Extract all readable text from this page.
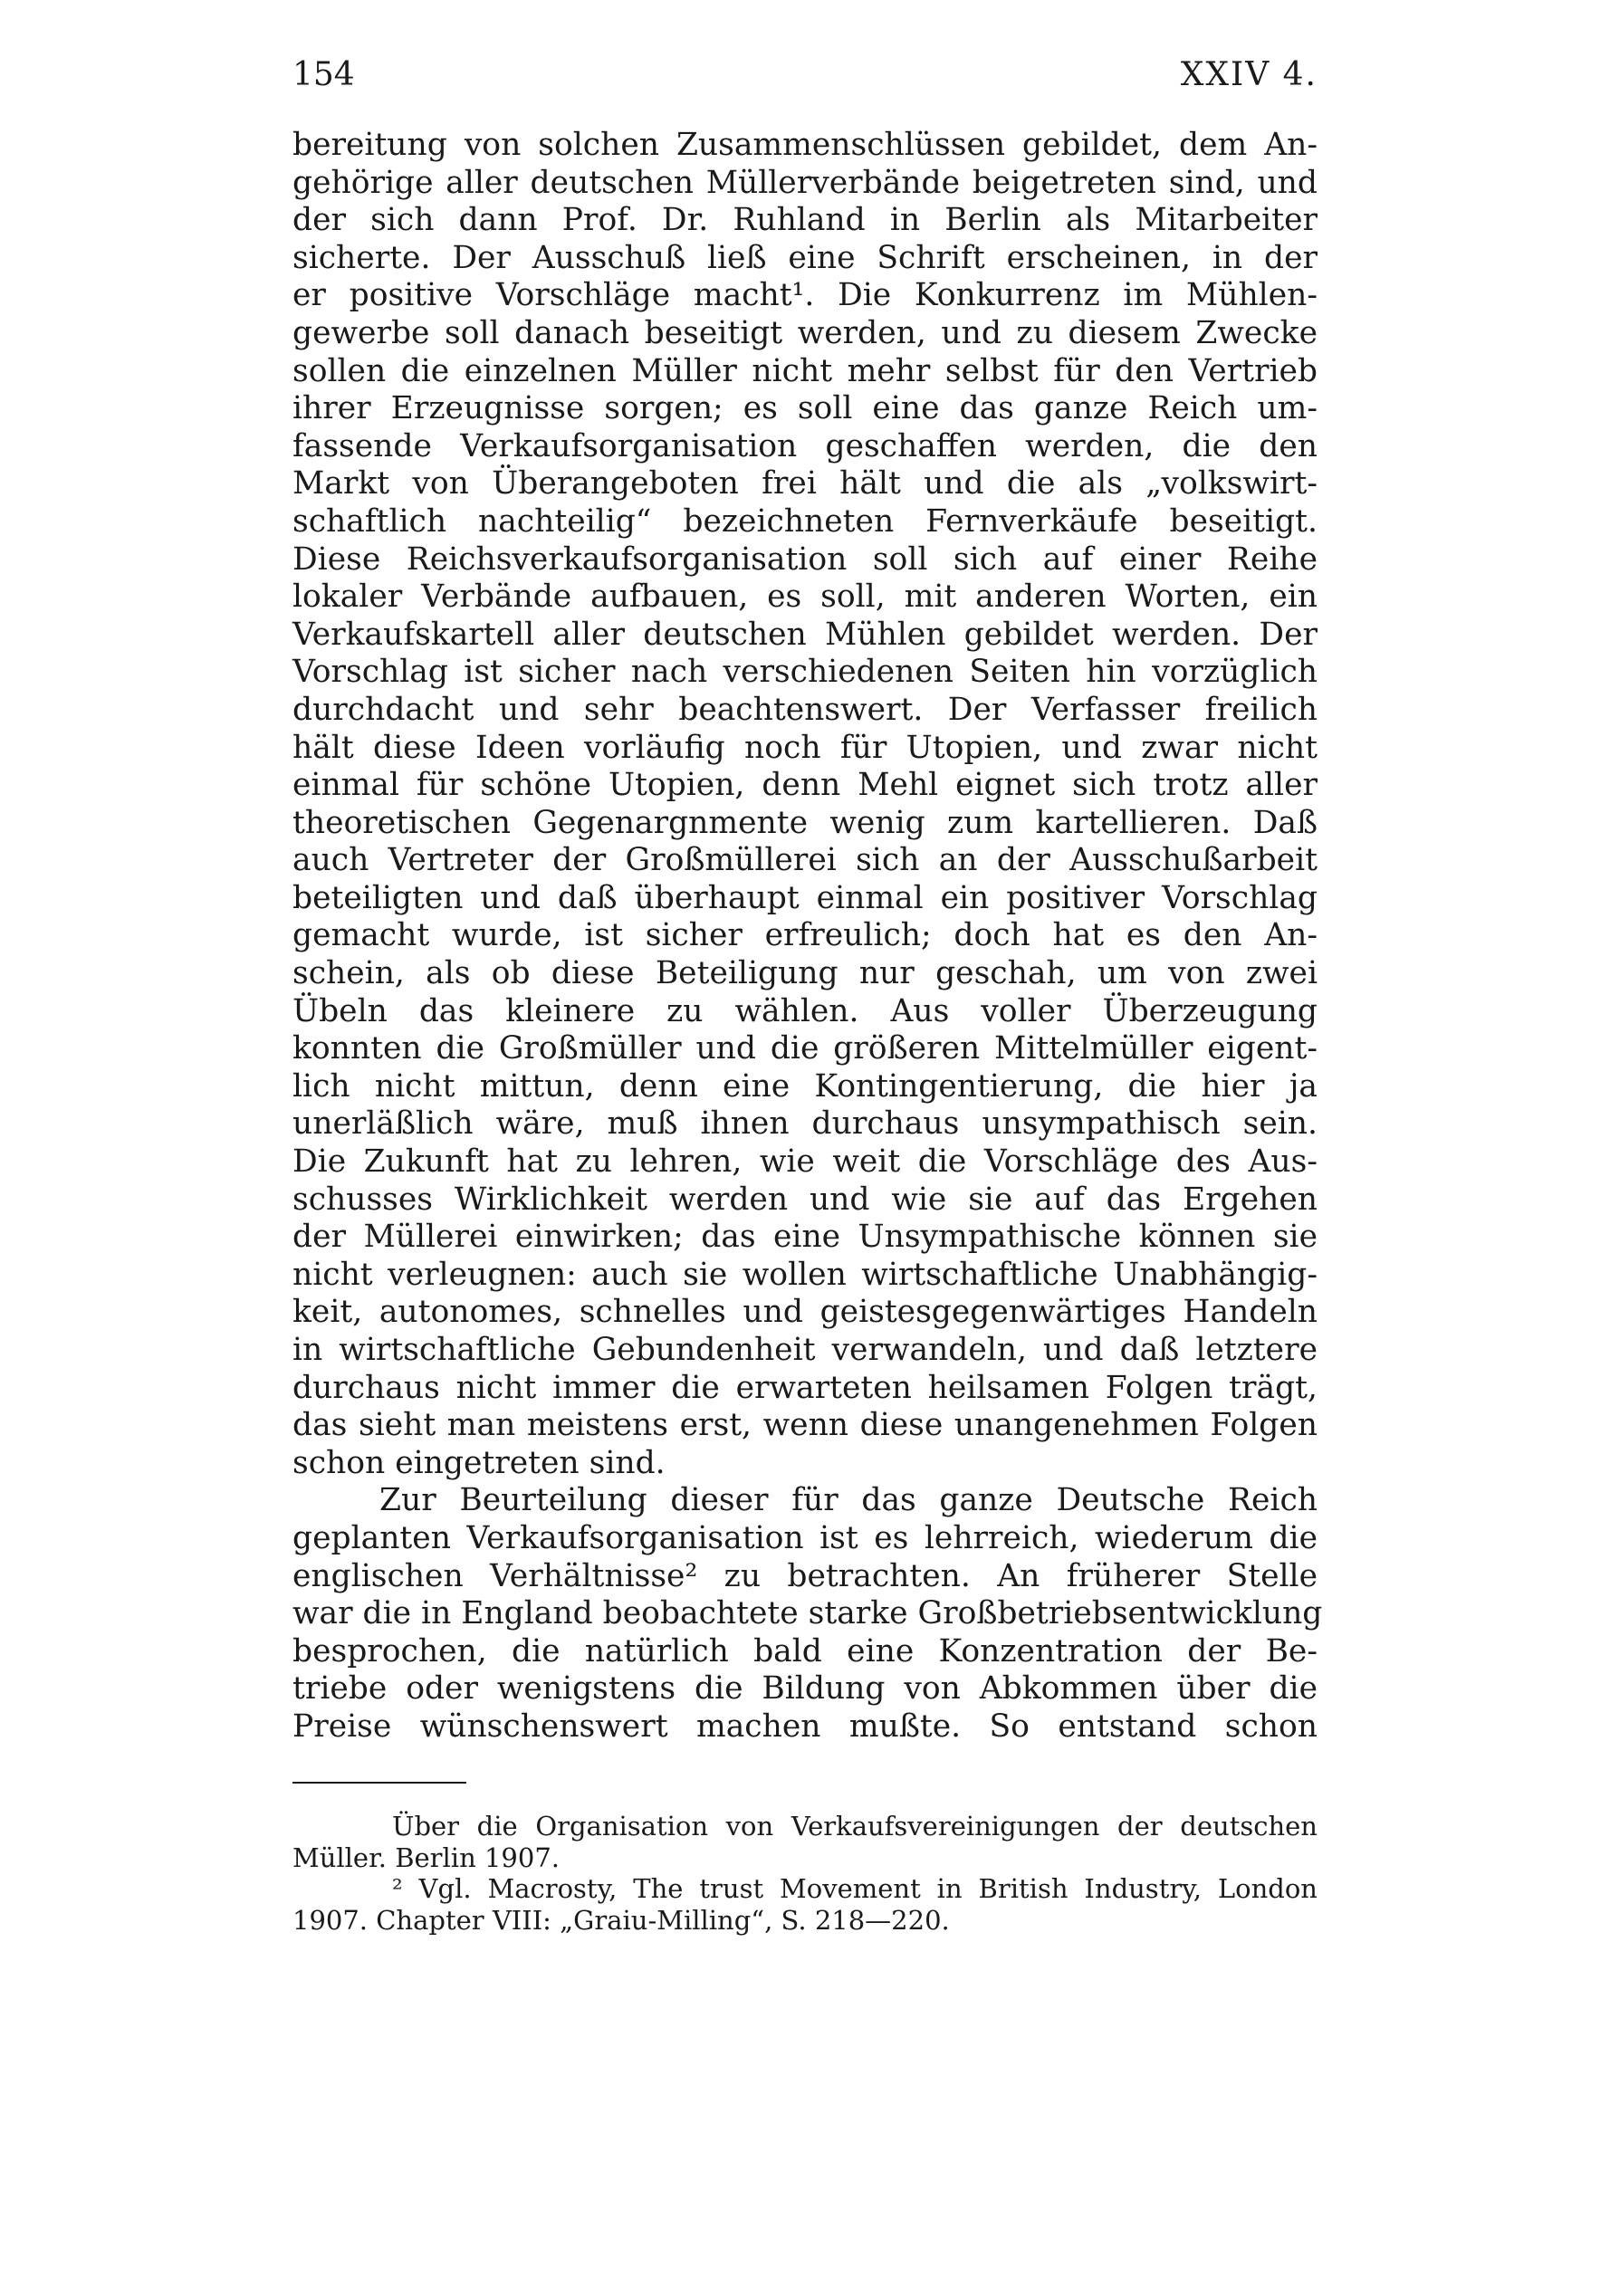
154	XXIV 4.
bereitung von solchen Zusammenschlüssen gebildet, dem An-
gehörige aller deutschen Müllerverbände beigetreten sind, und
der sich dann Prof. Dr. Ruhland in Berlin als Mitarbeiter
sicherte. Der Ausschuß ließ eine Schrift erscheinen, in der
er positive Vorschläge macht¹. Die Konkurrenz im Mühlen-
gewerbe soll danach beseitigt werden, und zu diesem Zwecke
sollen die einzelnen Müller nicht mehr selbst für den Vertrieb
ihrer Erzeugnisse sorgen; es soll eine das ganze Reich um-
fassende Verkaufsorganisation geschaffen werden, die den
Markt von Überangeboten frei hält und die als „volkswirt-
schaftlich nachteilig“ bezeichneten Fernverkäufe beseitigt.
Diese Reichsverkaufsorganisation soll sich auf einer Reihe
lokaler Verbände aufbauen, es soll, mit anderen Worten, ein
Verkaufskartell aller deutschen Mühlen gebildet werden. Der
Vorschlag ist sicher nach verschiedenen Seiten hin vorzüglich
durchdacht und sehr beachtenswert. Der Verfasser freilich
hält diese Ideen vorläufig noch für Utopien, und zwar nicht
einmal für schöne Utopien, denn Mehl eignet sich trotz aller
theoretischen Gegenargnmente wenig zum kartellieren. Daß
auch Vertreter der Großmüllerei sich an der Ausschußarbeit
beteiligten und daß überhaupt einmal ein positiver Vorschlag
gemacht wurde, ist sicher erfreulich; doch hat es den An-
schein, als ob diese Beteiligung nur geschah, um von zwei
Übeln das kleinere zu wählen. Aus voller Überzeugung
konnten die Großmüller und die größeren Mittelmüller eigent-
lich nicht mittun, denn eine Kontingentierung, die hier ja
unerläßlich wäre, muß ihnen durchaus unsympathisch sein.
Die Zukunft hat zu lehren, wie weit die Vorschläge des Aus-
schusses Wirklichkeit werden und wie sie auf das Ergehen
der Müllerei einwirken; das eine Unsympathische können sie
nicht verleugnen: auch sie wollen wirtschaftliche Unabhängig-
keit, autonomes, schnelles und geistesgegenwärtiges Handeln
in wirtschaftliche Gebundenheit verwandeln, und daß letztere
durchaus nicht immer die erwarteten heilsamen Folgen trägt,
das sieht man meistens erst, wenn diese unangenehmen Folgen
schon eingetreten sind.
Zur Beurteilung dieser für das ganze Deutsche Reich
geplanten Verkaufsorganisation ist es lehrreich, wiederum die
englischen Verhältnisse² zu betrachten. An früherer Stelle
war die in England beobachtete starke Großbetriebsentwicklung
besprochen, die natürlich bald eine Konzentration der Be-
triebe oder wenigstens die Bildung von Abkommen über die
Preise wünschenswert machen mußte. So entstand schon
Über die Organisation von Verkaufsvereinigungen der deutschen
Müller. Berlin 1907.
² Vgl. Macrosty, The trust Movement in British Industry, London
1907. Chapter VIII: „Graiu-Milling“, S. 218—220.
